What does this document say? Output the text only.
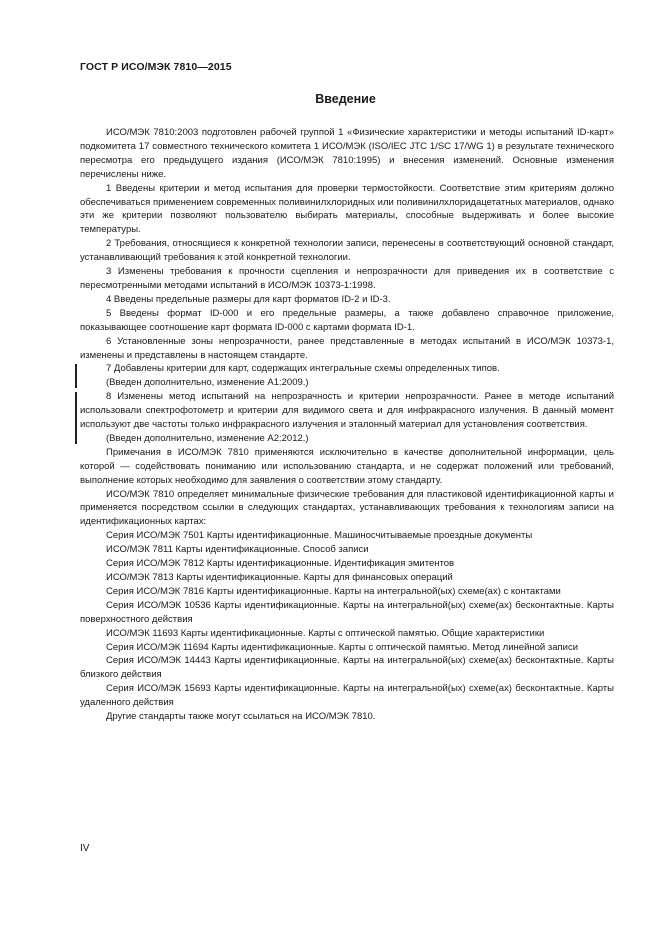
ГОСТ Р ИСО/МЭК 7810—2015
Введение

ИСО/МЭК 7810:2003 подготовлен рабочей группой 1 «Физические характеристики и методы испытаний ID-карт» подкомитета 17 совместного технического комитета 1 ИСО/МЭК (ISO/IEC JTC 1/SC 17/WG 1) в результате технического пересмотра его предыдущего издания (ИСО/МЭК 7810:1995) и внесения изменений. Основные изменения перечислены ниже.

1 Введены критерии и метод испытания для проверки термостойкости. Соответствие этим критериям должно обеспечиваться применением современных поливинилхлоридных или поливинилхлоридацетатных материалов, однако эти же критерии позволяют пользователю выбирать материалы, способные выдерживать и более высокие температуры.

2 Требования, относящиеся к конкретной технологии записи, перенесены в соответствующий основной стандарт, устанавливающий требования к этой конкретной технологии.

3 Изменены требования к прочности сцепления и непрозрачности для приведения их в соответствие с пересмотренными методами испытаний в ИСО/МЭК 10373-1:1998.

4 Введены предельные размеры для карт форматов ID-2 и ID-3.

5 Введены формат ID-000 и его предельные размеры, а также добавлено справочное приложение, показывающее соотношение карт формата ID-000 с картами формата ID-1.

6 Установленные зоны непрозрачности, ранее представленные в методах испытаний в ИСО/МЭК 10373-1, изменены и представлены в настоящем стандарте.

7 Добавлены критерии для карт, содержащих интегральные схемы определенных типов.

(Введен дополнительно, изменение А1:2009.)

8 Изменены метод испытаний на непрозрачность и критерии непрозрачности. Ранее в методе испытаний использовали спектрофотометр и критерии для видимого света и для инфракрасного излучения. В данный момент используют две частоты только инфракрасного излучения и эталонный материал для установления соответствия.

(Введен дополнительно, изменение А2:2012.)

Примечания в ИСО/МЭК 7810 применяются исключительно в качестве дополнительной информации, цель которой — содействовать пониманию или использованию стандарта, и не содержат положений или требований, выполнение которых необходимо для заявления о соответствии этому стандарту.

ИСО/МЭК 7810 определяет минимальные физические требования для пластиковой идентификационной карты и применяется посредством ссылки в следующих стандартах, устанавливающих требования к технологиям записи на идентификационных картах:

Серия ИСО/МЭК 7501 Карты идентификационные. Машиносчитываемые проездные документы

ИСО/МЭК 7811 Карты идентификационные. Способ записи

Серия ИСО/МЭК 7812 Карты идентификационные. Идентификация эмитентов

ИСО/МЭК 7813 Карты идентификационные. Карты для финансовых операций

Серия ИСО/МЭК 7816 Карты идентификационные. Карты на интегральной(ых) схеме(ах) с контактами

Серия ИСО/МЭК 10536 Карты идентификационные. Карты на интегральной(ых) схеме(ах) бесконтактные. Карты поверхностного действия

ИСО/МЭК 11693 Карты идентификационные. Карты с оптической памятью. Общие характеристики

Серия ИСО/МЭК 11694 Карты идентификационные. Карты с оптической памятью. Метод линейной записи

Серия ИСО/МЭК 14443 Карты идентификационные. Карты на интегральной(ых) схеме(ах) бесконтактные. Карты близкого действия

Серия ИСО/МЭК 15693 Карты идентификационные. Карты на интегральной(ых) схеме(ах) бесконтактные. Карты удаленного действия

Другие стандарты также могут ссылаться на ИСО/МЭК 7810.

IV
